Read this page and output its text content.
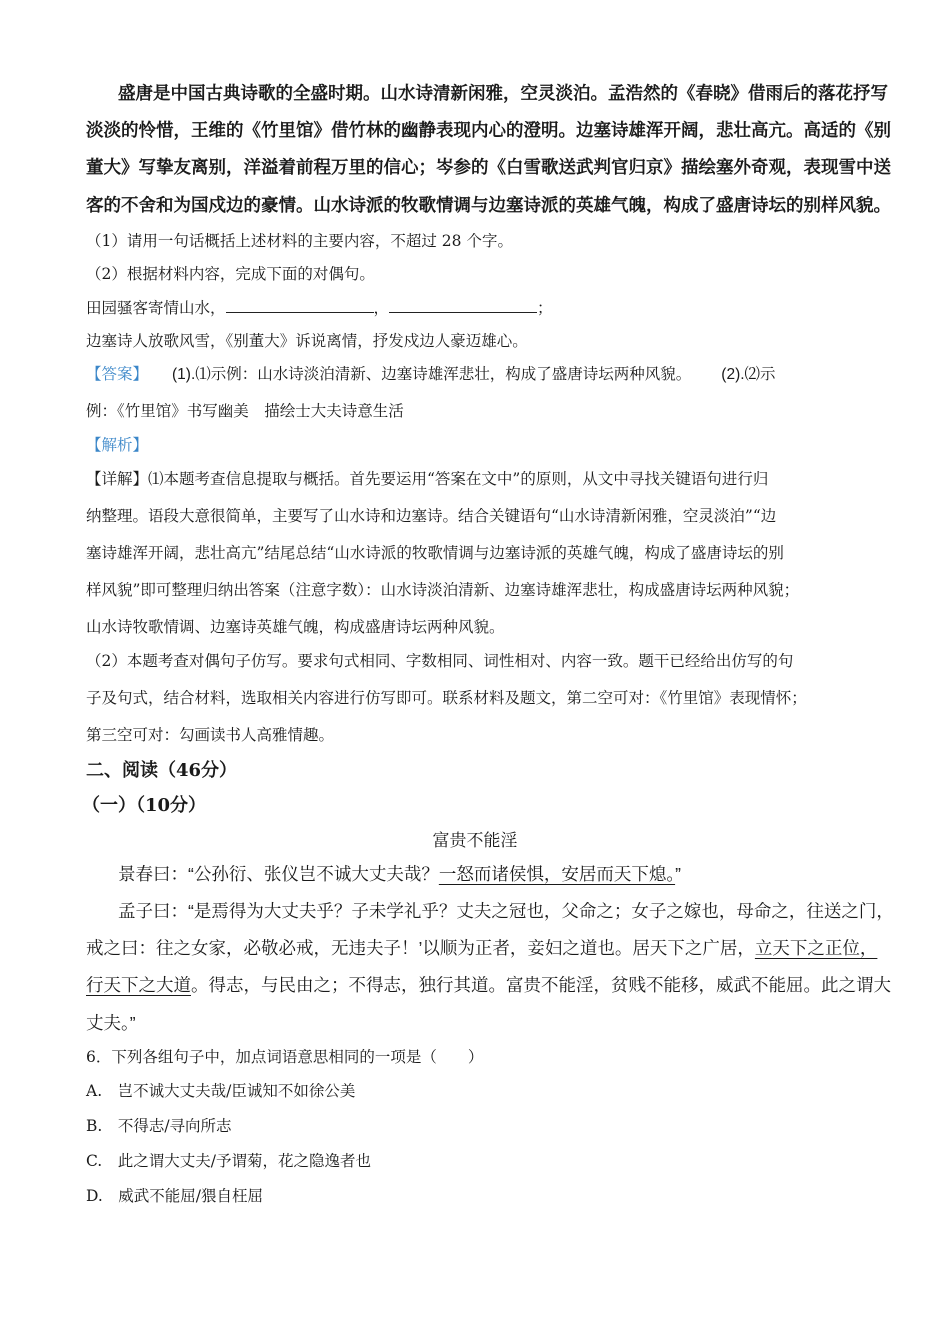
盛唐是中国古典诗歌的全盛时期。山水诗清新闲雅，空灵淡泊。孟浩然的《春晓》借雨后的落花抒写
淡淡的怜惜，王维的《竹里馆》借竹林的幽静表现内心的澄明。边塞诗雄浑开阔，悲壮高亢。高适的《别
董大》写挚友离别，洋溢着前程万里的信心；岑参的《白雪歌送武判官归京》描绘塞外奇观，表现雪中送
客的不舍和为国戍边的豪情。山水诗派的牧歌情调与边塞诗派的英雄气魄，构成了盛唐诗坛的别样风貌。
（1）请用一句话概括上述材料的主要内容，不超过 28 个字。
（2）根据材料内容，完成下面的对偶句。
田园骚客寄情山水，	，	；
边塞诗人放歌风雪，《别董大》诉说离情，抒发戍边人豪迈雄心。
【答案】 (1).⑴示例：山水诗淡泊清新、边塞诗雄浑悲壮，构成了盛唐诗坛两种风貌。 (2).⑵示
例：《竹里馆》书写幽美　描绘士大夫诗意生活
【解析】
【详解】⑴本题考查信息提取与概括。首先要运用“答案在文中”的原则，从文中寻找关键语句进行归
纳整理。语段大意很简单，主要写了山水诗和边塞诗。结合关键语句“山水诗清新闲雅，空灵淡泊”“边
塞诗雄浑开阔，悲壮高亢”结尾总结“山水诗派的牧歌情调与边塞诗派的英雄气魄，构成了盛唐诗坛的别
样风貌”即可整理归纳出答案（注意字数）：山水诗淡泊清新、边塞诗雄浑悲壮，构成盛唐诗坛两种风貌；
山水诗牧歌情调、边塞诗英雄气魄，构成盛唐诗坛两种风貌。
（2）本题考查对偶句子仿写。要求句式相同、字数相同、词性相对、内容一致。题干已经给出仿写的句
子及句式，结合材料，选取相关内容进行仿写即可。联系材料及题文，第二空可对：《竹里馆》表现情怀；
第三空可对：勾画读书人高雅情趣。
二、阅读（46分）
（一）（10分）
富贵不能淫
景春曰：“公孙衍、张仪岂不诚大丈夫哉？一怒而诸侯惧，安居而天下熄。”
孟子曰：“是焉得为大丈夫乎？子未学礼乎？丈夫之冠也，父命之；女子之嫁也，母命之，往送之门，
戒之曰：往之女家，必敬必戒，无违夫子！’以顺为正者，妾妇之道也。居天下之广居，立天下之正位，
行天下之大道。得志，与民由之；不得志，独行其道。富贵不能淫，贫贱不能移，威武不能屈。此之谓大
丈夫。”
6．下列各组句子中，加点词语意思相同的一项是（　　）
A.　岂不诚大丈夫哉/臣诚知不如徐公美
B.　不得志/寻向所志
C.　此之谓大丈夫/予谓菊，花之隐逸者也
D.　威武不能屈/猥自枉屈
